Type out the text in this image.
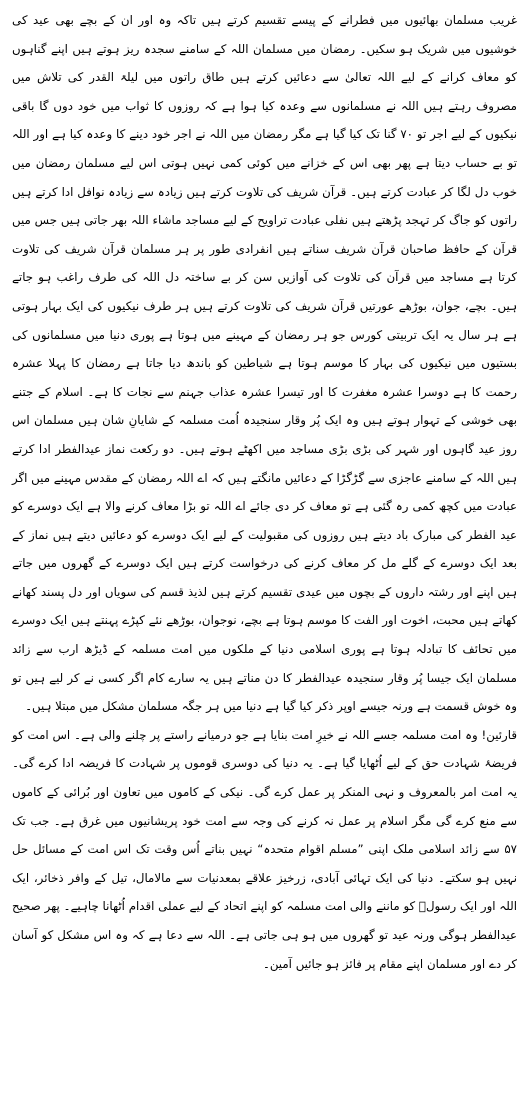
غریب مسلمان بھائیوں میں فطرانے کے پیسے تقسیم کرتے ہیں تاکہ وہ اور ان کے بچے بھی عید کی خوشیوں میں شریک ہو سکیں۔ رمضان میں مسلمان اللہ کے سامنے سجدہ ریز ہوتے ہیں اپنے گناہوں کو معاف کرانے کے لیے اللہ تعالیٰ سے دعائیں کرتے ہیں طاق راتوں میں لیلۃ القدر کی تلاش میں مصروف رہتے ہیں اللہ نے مسلمانوں سے وعدہ کیا ہوا ہے کہ روزوں کا ثواب میں خود دوں گا باقی نیکیوں کے لیے اجر تو ۷۰ گنا تک کیا گیا ہے مگر رمضان میں اللہ نے اجر خود دینے کا وعدہ کیا ہے اور اللہ تو بے حساب دیتا ہے پھر بھی اس کے خزانے میں کوئی کمی نہیں ہوتی اس لیے مسلمان رمضان میں خوب دل لگا کر عبادت کرتے ہیں۔ قرآن شریف کی تلاوت کرتے ہیں زیادہ سے زیادہ نوافل ادا کرتے ہیں راتوں کو جاگ کر تہجد پڑھتے ہیں نفلی عبادت تراویح کے لیے مساجد ماشاء اللہ بھر جاتی ہیں جس میں قرآن کے حافظ صاحبان قرآن شریف سناتے ہیں انفرادی طور پر ہر مسلمان قرآن شریف کی تلاوت کرتا ہے مساجد میں قرآن کی تلاوت کی آوازیں سن کر بے ساختہ دل اللہ کی طرف راغب ہو جاتے ہیں۔ بچے، جوان، بوڑھے عورتیں قرآن شریف کی تلاوت کرتے ہیں ہر طرف نیکیوں کی ایک بہار ہوتی ہے ہر سال یہ ایک تربیتی کورس جو ہر رمضان کے مہینے میں ہوتا ہے پوری دنیا میں مسلمانوں کی بستیوں میں نیکیوں کی بہار کا موسم ہوتا ہے شیاطین کو باندھ دیا جاتا ہے رمضان کا پہلا عشرہ رحمت کا ہے دوسرا عشرہ مغفرت کا اور تیسرا عشرہ عذاب جہنم سے نجات کا ہے۔ اسلام کے جتنے بھی خوشی کے تہوار ہوتے ہیں وہ ایک پُر وقار سنجیدہ اُمت مسلمہ کے شایانِ شان ہیں مسلمان اس روز عید گاہوں اور شہر کی بڑی بڑی مساجد میں اکھٹے ہوتے ہیں۔ دو رکعت نماز عیدالفطر ادا کرتے ہیں اللہ کے سامنے عاجزی سے گڑگڑا کے دعائیں مانگتے ہیں کہ اے اللہ رمضان کے مقدس مہینے میں اگر عبادت میں کچھ کمی رہ گئی ہے تو معاف کر دی جائے اے اللہ تو بڑا معاف کرنے والا ہے ایک دوسرے کو عید الفطر کی مبارک باد دیتے ہیں روزوں کی مقبولیت کے لیے ایک دوسرے کو دعائیں دیتے ہیں نماز کے بعد ایک دوسرے کے گلے مل کر معاف کرنے کی درخواست کرتے ہیں ایک دوسرے کے گھروں میں جاتے ہیں اپنے اور رشتہ داروں کے بچوں میں عیدی تقسیم کرتے ہیں لذیذ قسم کی سویاں اور دل پسند کھانے کھاتے ہیں محبت، اخوت اور الفت کا موسم ہوتا ہے بچے، نوجوان، بوڑھے نئے کپڑے پہنتے ہیں ایک دوسرے میں تحائف کا تبادلہ ہوتا ہے پوری اسلامی دنیا کے ملکوں میں امت مسلمہ کے ڈیڑھ ارب سے زائد مسلمان ایک جیسا پُر وقار سنجیدہ عیدالفطر کا دن مناتے ہیں یہ سارے کام اگر کسی نے کر لیے ہیں تو وہ خوش قسمت ہے ورنہ جیسے اوپر ذکر کیا گیا ہے دنیا میں ہر جگہ مسلمان مشکل میں مبتلا ہیں۔

قارئین! وہ امت مسلمہ جسے اللہ نے خیرِ امت بنایا ہے جو درمیانے راستے پر چلنے والی ہے۔ اس امت کو فریضۂ شہادت حق کے لیے اُٹھایا گیا ہے۔ یہ دنیا کی دوسری قوموں پر شہادت کا فریضہ ادا کرے گی۔ یہ امت امر بالمعروف و نہی المنکر پر عمل کرے گی۔ نیکی کے کاموں میں تعاون اور بُرائی کے کاموں سے منع کرے گی مگر اسلام پر عمل نہ کرنے کی وجہ سے امت خود پریشانیوں میں غرق ہے۔ جب تک ۵۷ سے زائد اسلامی ملک اپنی ”مسلم اقوام متحدہ“ نہیں بناتے اُس وقت تک اس امت کے مسائل حل نہیں ہو سکتے۔ دنیا کی ایک تہائی آبادی، زرخیز علاقے بمعدنیات سے مالامال، تیل کے وافر ذخائر، ایک اللہ اور ایک رسولؐ کو ماننے والی امت مسلمہ کو اپنے اتحاد کے لیے عملی اقدام اُٹھانا چاہیے۔ پھر صحیح عیدالفطر ہوگی ورنہ عید تو گھروں میں ہو ہی جاتی ہے۔ اللہ سے دعا ہے کہ وہ اس مشکل کو آسان کر دے اور مسلمان اپنے مقام پر فائز ہو جائیں آمین۔
